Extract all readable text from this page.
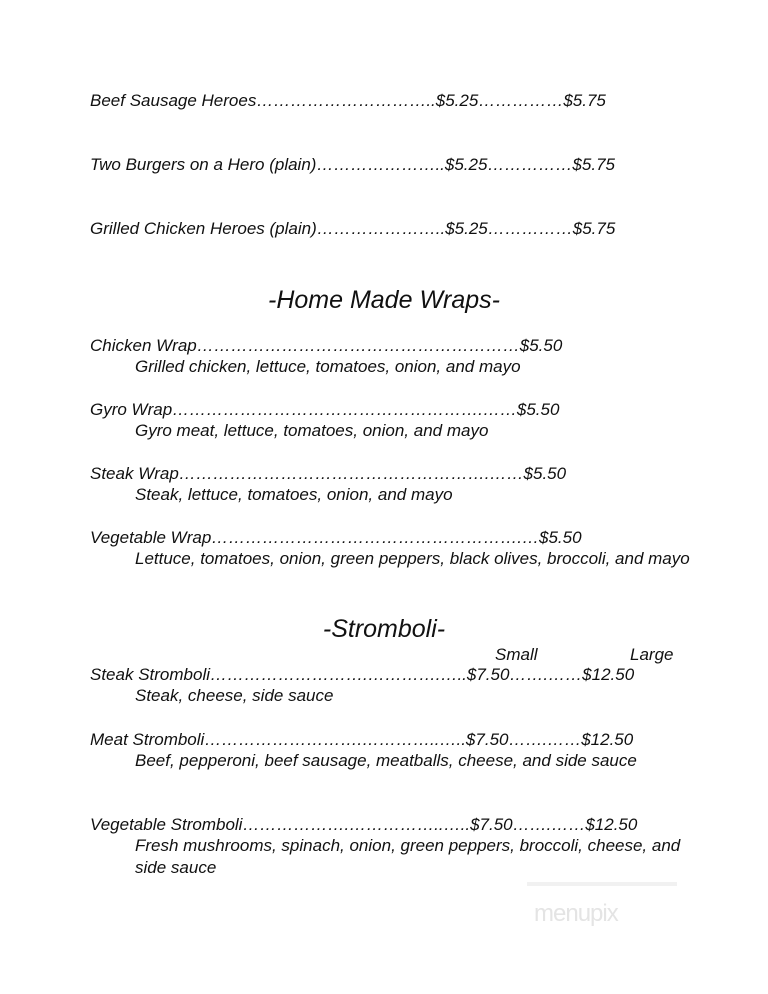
Beef Sausage Heroes…………………………..$5.25……………$5.75
Two Burgers on a Hero (plain)…………………..$5.25……………$5.75
Grilled Chicken Heroes (plain)…………………..$5.25……………$5.75
-Home Made Wraps-
Chicken Wrap…………………………………………………$5.50
Grilled chicken, lettuce, tomatoes, onion, and mayo
Gyro Wrap……………………………………………….……$5.50
Gyro meat, lettuce, tomatoes, onion, and mayo
Steak Wrap……………………………………………….……$5.50
Steak, lettuce, tomatoes, onion, and mayo
Vegetable Wrap……………………………………………….…$5.50
Lettuce, tomatoes, onion, green peppers, black olives, broccoli, and mayo
-Stromboli-
Small	Large
Steak Stromboli……………………….………….…..$7.50…….……$12.50
Steak, cheese, side sauce
Meat Stromboli……………………….…………..…..$7.50…….……$12.50
Beef, pepperoni, beef sausage, meatballs, cheese, and side sauce
Vegetable Stromboli……………….……………..…..$7.50…….……$12.50
Fresh mushrooms, spinach, onion, green peppers, broccoli, cheese, and side sauce
menupix
